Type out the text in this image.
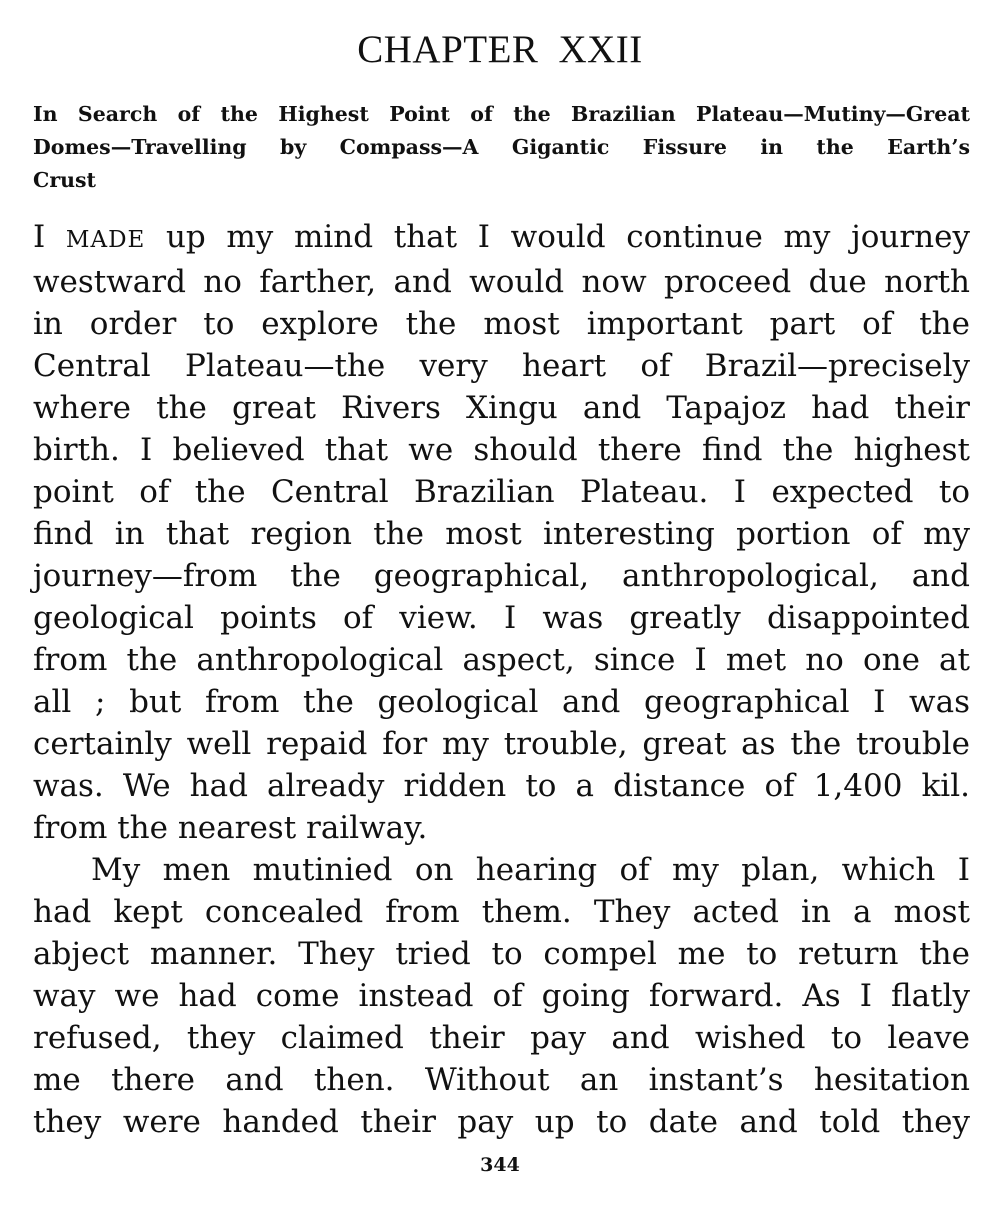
CHAPTER XXII
In Search of the Highest Point of the Brazilian Plateau—Mutiny—Great
Domes—Travelling by Compass—A Gigantic Fissure in the Earth’s
Crust

I MADE up my mind that I would continue my journey
westward no farther, and would now proceed due north
in order to explore the most important part of the
Central Plateau—the very heart of Brazil—precisely
where the great Rivers Xingu and Tapajoz had their
birth. I believed that we should there find the highest
point of the Central Brazilian Plateau. I expected to
find in that region the most interesting portion of my
journey—from the geographical, anthropological, and
geological points of view. I was greatly disappointed
from the anthropological aspect, since I met no one at
all ; but from the geological and geographical I was
certainly well repaid for my trouble, great as the trouble
was. We had already ridden to a distance of 1,400 kil.
from the nearest railway.

My men mutinied on hearing of my plan, which I
had kept concealed from them. They acted in a most
abject manner. They tried to compel me to return the
way we had come instead of going forward. As I flatly
refused, they claimed their pay and wished to leave
me there and then. Without an instant’s hesitation
they were handed their pay up to date and told they

344
